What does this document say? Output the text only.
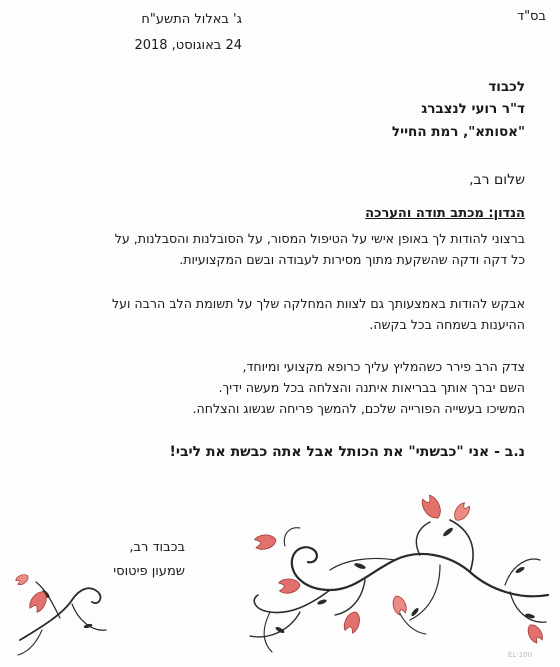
בס"ד
ג' באלול התשע"ח
24 באוגוסט, 2018
לכבוד
ד"ר רועי לנצברג
"אסותא", רמת החייל
שלום רב,
הנדון: מכתב תודה והערכה
ברצוני להודות לך באופן אישי על הטיפול המסור, על הסובלנות והסבלנות, על
כל דקה ודקה שהשקעת מתוך מסירות לעבודה ובשם המקצועיות.
אבקש להודות באמצעותך גם לצוות המחלקה שלך על תשומת הלב הרבה ועל
ההיענות בשמחה בכל בקשה.
צדק הרב פירר כשהמליץ עליך כרופא מקצועי ומיוחד,
השם יברך אותך בבריאות איתנה והצלחה בכל מעשה ידיך.
המשיכו בעשייה הפורייה שלכם, להמשך פריחה שגשוג והצלחה.
נ.ב - אני "כבשתי" את הכותל אבל אתה כבשת את ליבי!
בכבוד רב,
שמעון פיטוסי
EL-100
